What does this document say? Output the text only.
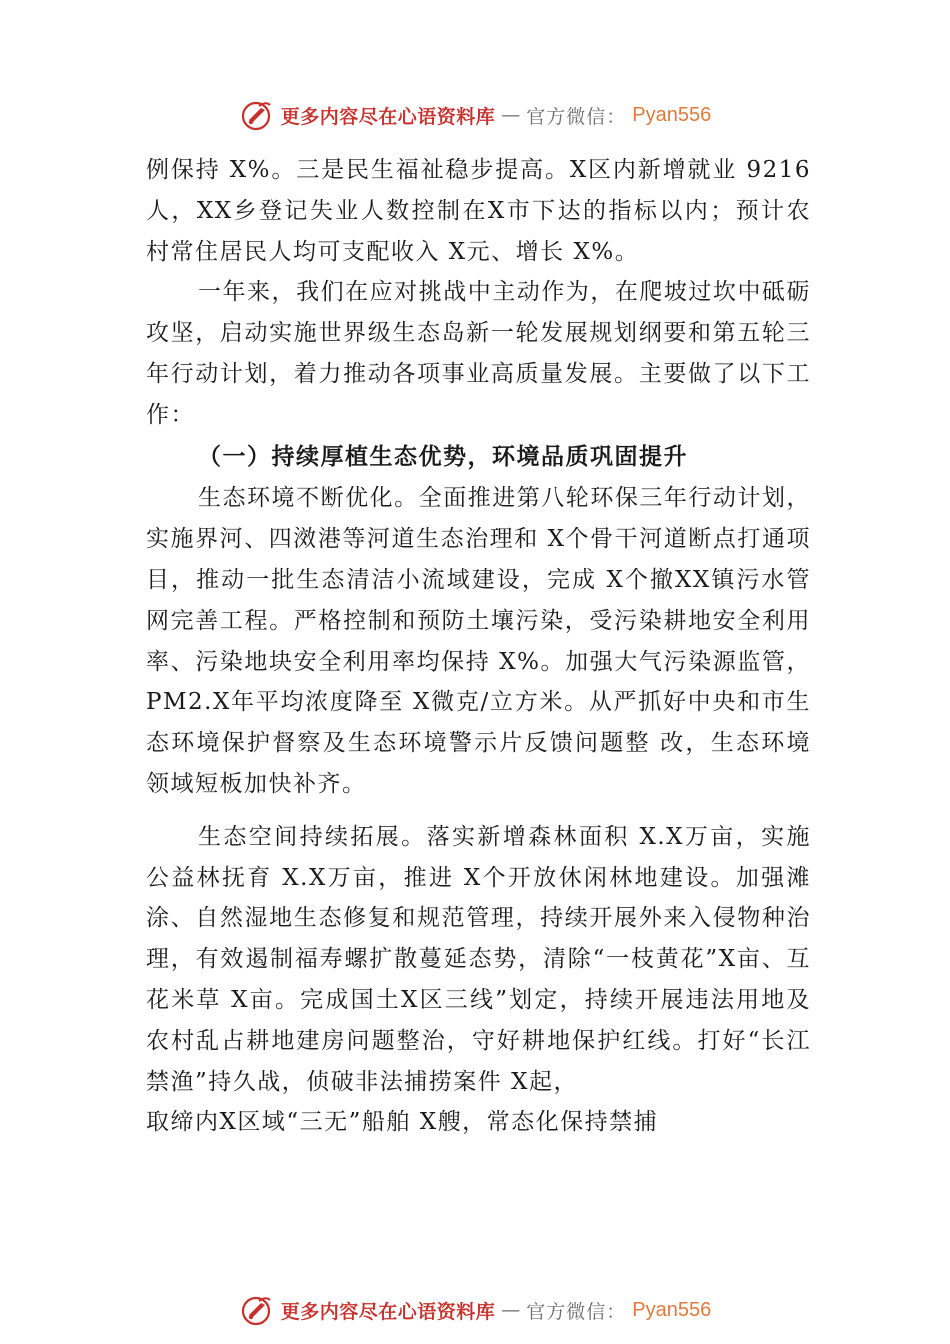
更多内容尽在心语资料库 — 官方微信： Pyan556

例保持 X%。三是民生福祉稳步提高。X区内新增就业 9216人，XX乡登记失业人数控制在X市下达的指标以内；预计农村常住居民人均可支配收入 X元、增长 X%。

一年来，我们在应对挑战中主动作为，在爬坡过坎中砥砺攻坚，启动实施世界级生态岛新一轮发展规划纲要和第五轮三年行动计划，着力推动各项事业高质量发展。主要做了以下工作：

（一）持续厚植生态优势，环境品质巩固提升

生态环境不断优化。全面推进第八轮环保三年行动计划，实施界河、四滧港等河道生态治理和 X个骨干河道断点打通项目，推动一批生态清洁小流域建设，完成 X个撤XX镇污水管网完善工程。严格控制和预防土壤污染，受污染耕地安全利用率、污染地块安全利用率均保持 X%。加强大气污染源监管，PM2.X年平均浓度降至 X微克/立方米。从严抓好中央和市生态环境保护督察及生态环境警示片反馈问题整 改，生态环境领域短板加快补齐。

生态空间持续拓展。落实新增森林面积 X.X万亩，实施公益林抚育 X.X万亩，推进 X个开放休闲林地建设。加强滩涂、自然湿地生态修复和规范管理，持续开展外来入侵物种治理，有效遏制福寿螺扩散蔓延态势，清除“一枝黄花”X亩、互花米草 X亩。完成国土X区三线”划定，持续开展违法用地及农村乱占耕地建房问题整治，守好耕地保护红线。打好“长江禁渔”持久战，侦破非法捕捞案件 X起，

取缔内X区域“三无”船舶 X艘，常态化保持禁捕

更多内容尽在心语资料库 — 官方微信： Pyan556
